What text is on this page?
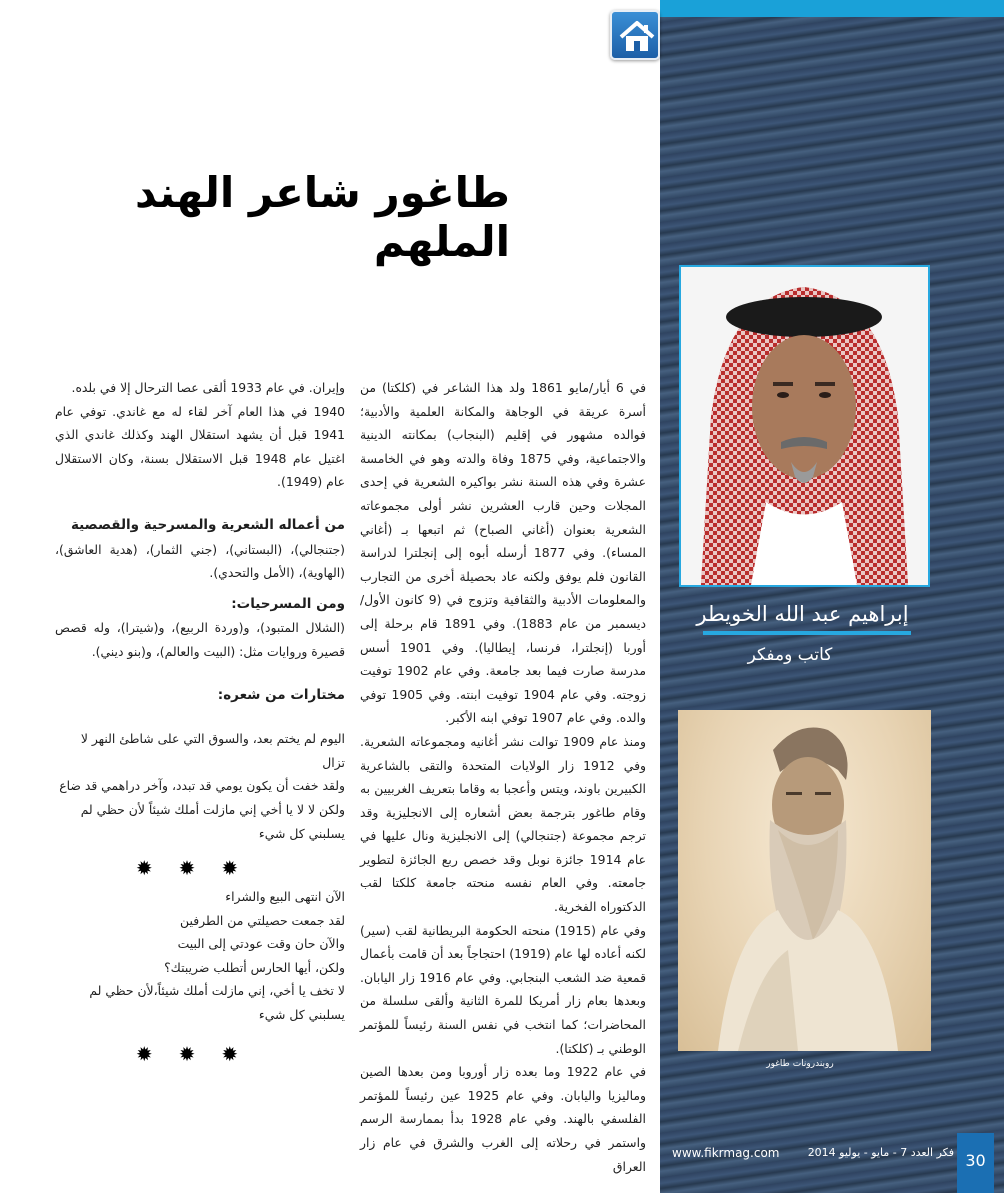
طاغور شاعر الهند الملهم
إبراهيم عبد الله الخويطر
كاتب ومفكر
روبندرونات طاغور

ﻓﻲ 6 أيار/مايو 1861 ولد هذا الشاعر في (كلكتا) من أسرة عريقة في الوجاهة والمكانة العلمية والأدبية؛ فوالده مشهور في إقليم (البنجاب) بمكانته الدينية والاجتماعية، وفي 1875 وفاة والدته وهو في الخامسة عشرة وفي هذه السنة نشر بواكيره الشعرية في إحدى المجلات وحين قارب العشرين نشر أولى مجموعاته الشعرية بعنوان (أغاني الصباح) ثم اتبعها بـ (أغاني المساء). وفي 1877 أرسله أبوه إلى إنجلترا لدراسة القانون فلم يوفق ولكنه عاد بحصيلة أخرى من التجارب والمعلومات الأدبية والثقافية وتزوج في (9 كانون الأول/ديسمبر من عام 1883). وفي 1891 قام برحلة إلى أوربا (إنجلترا، فرنسا، إيطاليا). وفي 1901 أسس مدرسة صارت فيما بعد جامعة. وفي عام 1902 توفيت زوجته. وفي عام 1904 توفيت ابنته. وفي 1905 توفي والده. وفي عام 1907 توفي ابنه الأكبر.

ومنذ عام 1909 توالت نشر أغانيه ومجموعاته الشعرية. وفي 1912 زار الولايات المتحدة والتقى بالشاعرية الكبيرين باوند، ويتس وأعجبا به وقاما بتعريف الغربيين به وقام طاغور بترجمة بعض أشعاره إلى الانجليزية وقد ترجم مجموعة (جتنجالي) إلى الانجليزية ونال عليها في عام 1914 جائزة نوبل وقد خصص ربع الجائزة لتطوير جامعته. وفي العام نفسه منحته جامعة كلكتا لقب الدكتوراه الفخرية.

وفي عام (1915) منحته الحكومة البريطانية لقب (سير) لكنه أعاده لها عام (1919) احتجاجاً بعد أن قامت بأعمال قمعية ضد الشعب البنجابي. وفي عام 1916 زار اليابان. وبعدها بعام زار أمريكا للمرة الثانية وألقى سلسلة من المحاضرات؛ كما انتخب في نفس السنة رئيساً للمؤتمر الوطني بـ (كلكتا).

في عام 1922 وما بعده زار أوروبا ومن بعدها الصين وماليزيا واليابان. وفي عام 1925 عين رئيساً للمؤتمر الفلسفي بالهند. وفي عام 1928 بدأ بممارسة الرسم واستمر في رحلاته إلى الغرب والشرق في عام زار العراق

وإيران. في عام 1933 ألقى عصا الترحال إلا في بلده.

1940 في هذا العام آخر لقاء له مع غاندي. توفي عام 1941 قبل أن يشهد استقلال الهند وكذلك غاندي الذي اغتيل عام 1948 قبل الاستقلال بسنة، وكان الاستقلال عام (1949).

من أعماله الشعرية والمسرحية والقصصية

(جتنجالي)، (البستاني)، (جني الثمار)، (هدية العاشق)، (الهاوية)، (الأمل والتحدي).

ومن المسرحيات:

(الشلال المتبود)، و(وردة الربيع)، و(شيترا)، وله قصص قصيرة وروايات مثل: (البيت والعالم)، و(بنو ديني).

مختارات من شعره:

اليوم لم يختم بعد، والسوق التي على شاطئ النهر لا تزال

ولقد خفت أن يكون يومي قد تبدد، وآخر دراهمي قد ضاع

ولكن لا لا يا أخي إني مازلت أملك شيئاً لأن حظي لم

يسلبني كل شيء

✹✹✹

الآن انتهى البيع والشراء

لقد جمعت حصيلتي من الطرفين

والآن حان وقت عودتي إلى البيت

ولكن، أيها الحارس أتطلب ضريبتك؟

لا تخف يا أخي، إني مازلت أملك شيئاً،لأن حظي لم يسلبني كل شيء

✹✹✹
www.fikrmag.com	فكر العدد 7 - مايو - يوليو 2014 30
